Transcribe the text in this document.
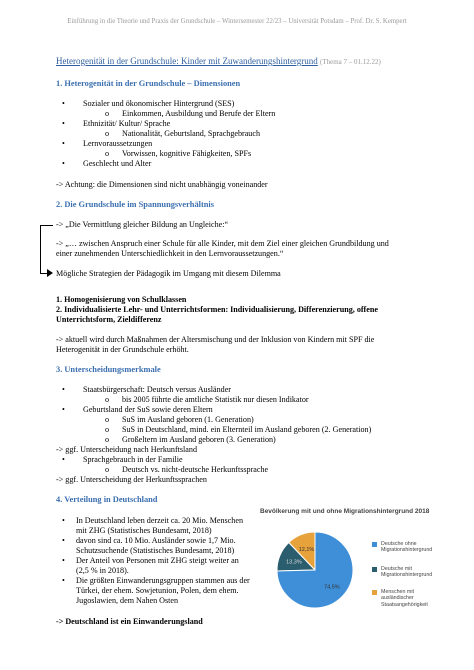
Einführung in die Theorie und Praxis der Grundschule – Wintersemester 22/23 – Universität Potsdam – Prof. Dr. S. Kempert
Heterogenität in der Grundschule: Kinder mit Zuwanderungshintergrund (Thema 7 – 01.12.22)
1. Heterogenität in der Grundschule – Dimensionen
• Sozialer und ökonomischer Hintergrund (SES)
o Einkommen, Ausbildung und Berufe der Eltern
• Ethnizität/ Kultur/ Sprache
o Nationalität, Geburtsland, Sprachgebrauch
• Lernvoraussetzungen
o Vorwissen, kognitive Fähigkeiten, SPFs
• Geschlecht und Alter
-> Achtung: die Dimensionen sind nicht unabhängig voneinander
2. Die Grundschule im Spannungsverhältnis
-> „Die Vermittlung gleicher Bildung an Ungleiche:“
-> „… zwischen Anspruch einer Schule für alle Kinder, mit dem Ziel einer gleichen Grundbildung und
einer zunehmenden Unterschiedlichkeit in den Lernvoraussetzungen.“
Mögliche Strategien der Pädagogik im Umgang mit diesem Dilemma
1. Homogenisierung von Schulklassen
2. Individualisierte Lehr- und Unterrichtsformen: Individualisierung, Differenzierung, offene
Unterrichtsform, Zieldifferenz
-> aktuell wird durch Maßnahmen der Altersmischung und der Inklusion von Kindern mit SPF die
Heterogenität in der Grundschule erhöht.
3. Unterscheidungsmerkmale
• Staatsbürgerschaft: Deutsch versus Ausländer
o bis 2005 führte die amtliche Statistik nur diesen Indikator
• Geburtsland der SuS sowie deren Eltern
o SuS im Ausland geboren (1. Generation)
o SuS in Deutschland, mind. ein Elternteil im Ausland geboren (2. Generation)
o Großeltern im Ausland geboren (3. Generation)
-> ggf. Unterscheidung nach Herkunftsland
• Sprachgebrauch in der Familie
o Deutsch vs. nicht-deutsche Herkunftssprache
-> ggf. Unterscheidung der Herkunftssprachen
4. Verteilung in Deutschland
• In Deutschland leben derzeit ca. 20 Mio. Menschen
mit ZHG (Statistisches Bundesamt, 2018)
• davon sind ca. 10 Mio. Ausländer sowie 1,7 Mio.
Schutzsuchende (Statistisches Bundesamt, 2018)
• Der Anteil von Personen mit ZHG steigt weiter an
(2,5 % in 2018).
• Die größten Einwanderungsgruppen stammen aus der
Türkei, der ehem. Sowjetunion, Polen, dem ehem.
Jugoslawien, dem Nahen Osten
-> Deutschland ist ein Einwanderungsland
Bevölkerung mit und ohne Migrationshintergrund 2018
13,3%
12,1%
74,5%
Deutsche ohne
Migrationshintergrund
Deutsche mit
Migrationshintergrund
Menschen mit
ausländischer
Staatsangehörigkeit
